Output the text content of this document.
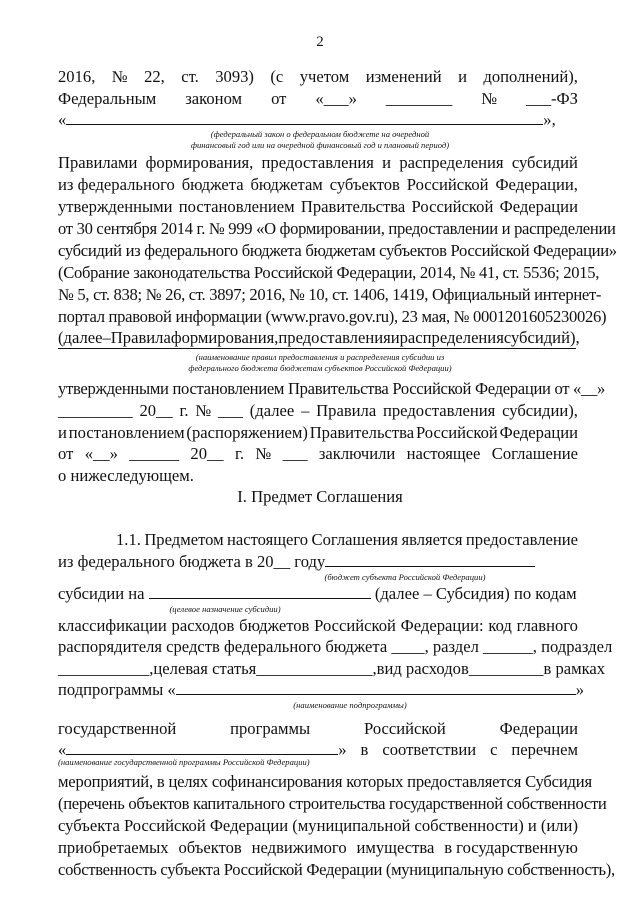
2
2016, № 22, ст. 3093) (с учетом изменений и дополнений),
Федеральным законом от «___» ________ № ___-ФЗ
«	»,
(федеральный закон о федеральном бюджете на очередной
финансовый год или на очередной финансовый год и плановый период)
Правилами формирования, предоставления и распределения субсидий
из федерального бюджета бюджетам субъектов Российской Федерации,
утвержденными постановлением Правительства Российской Федерации
от 30 сентября 2014 г. № 999 «О формировании, предоставлении и распределении
субсидий из федерального бюджета бюджетам субъектов Российской Федерации»
(Собрание законодательства Российской Федерации, 2014, № 41, ст. 5536; 2015,
№ 5, ст. 838; № 26, ст. 3897; 2016, № 10, ст. 1406, 1419, Официальный интернет-
портал правовой информации (www.pravo.gov.ru), 23 мая, № 0001201605230026)
(далее – Правила формирования, предоставления и распределения субсидий),
(наименование правил предоставления и распределения субсидии из
федерального бюджета бюджетам субъектов Российской Федерации)
утвержденными постановлением Правительства Российской Федерации от «__»
_________ 20__ г. № ___ (далее – Правила предоставления субсидии),
и постановлением (распоряжением) Правительства Российской Федерации
от «__» ______ 20__ г. № ___ заключили настоящее Соглашение
о нижеследующем.
I. Предмет Соглашения
1.1. Предметом настоящего Соглашения является предоставление
из федерального бюджета в 20__ году
(бюджет субъекта Российской Федерации)
субсидии на	(далее – Субсидия) по кодам
(целевое назначение субсидии)
классификации расходов бюджетов Российской Федерации: код главного
распорядителя средств федерального бюджета ____, раздел ______, подраздел
___________, целевая статья ______________, вид расходов _________в рамках
подпрограммы «	»
(наименование подпрограммы)
государственной	программы	Российской	Федерации
«	» в соответствии с перечнем
(наименование государственной программы Российской Федерации)
мероприятий, в целях софинансирования которых предоставляется Субсидия
(перечень объектов капитального строительства государственной собственности
субъекта Российской Федерации (муниципальной собственности) и (или)
приобретаемых объектов недвижимого имущества в государственную
собственность субъекта Российской Федерации (муниципальную собственность),
